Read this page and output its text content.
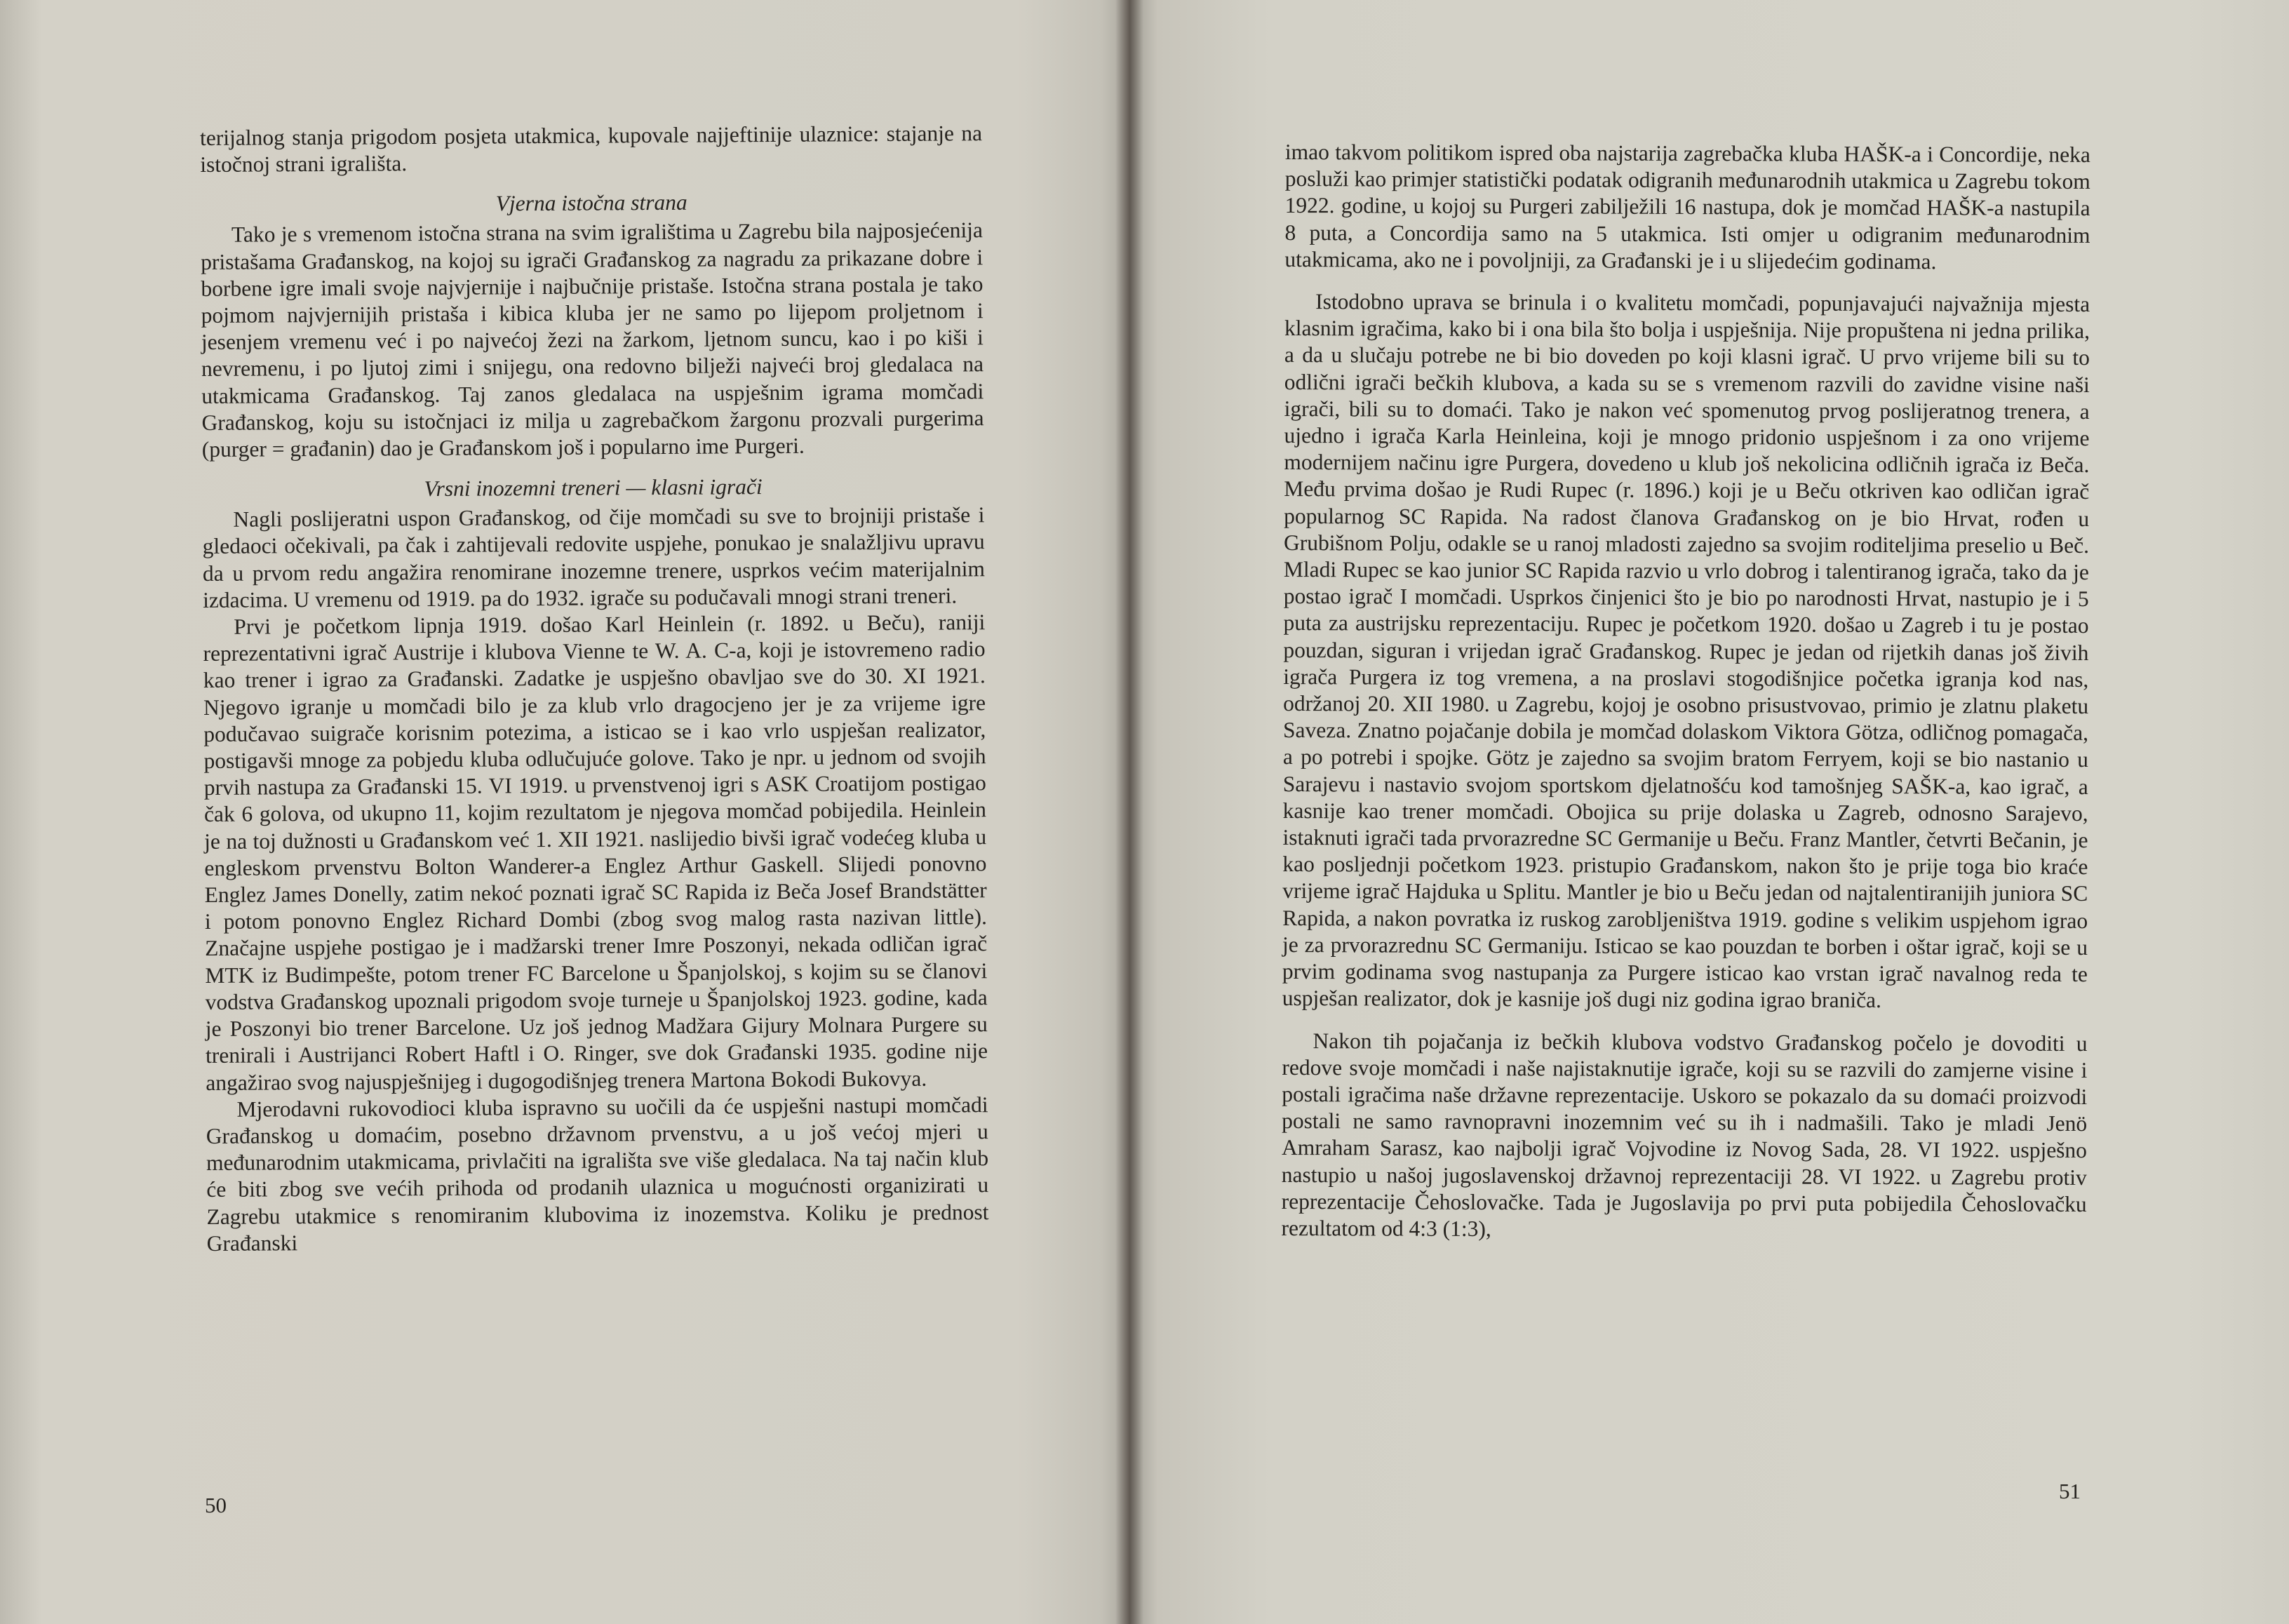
terijalnog stanja prigodom posjeta utakmica, kupovale najjeftinije ulaznice: stajanje na istočnoj strani igrališta.

Vjerna istočna strana

Tako je s vremenom istočna strana na svim igralištima u Zagrebu bila najposjećenija pristašama Građanskog, na kojoj su igrači Građanskog za nagradu za prikazane dobre i borbene igre imali svoje najvjernije i najbučnije pristaše. Istočna strana postala je tako pojmom najvjernijih pristaša i kibica kluba jer ne samo po lijepom proljetnom i jesenjem vremenu već i po najvećoj žezi na žarkom, ljetnom suncu, kao i po kiši i nevremenu, i po ljutoj zimi i snijegu, ona redovno bilježi najveći broj gledalaca na utakmicama Građanskog. Taj zanos gledalaca na uspješnim igrama momčadi Građanskog, koju su istočnjaci iz milja u zagrebačkom žargonu prozvali purgerima (purger = građanin) dao je Građanskom još i popularno ime Purgeri.

Vrsni inozemni treneri — klasni igrači

Nagli poslijeratni uspon Građanskog, od čije momčadi su sve to brojniji pristaše i gledaoci očekivali, pa čak i zahtijevali redovite uspjehe, ponukao je snalažljivu upravu da u prvom redu angažira renomirane inozemne trenere, usprkos većim materijalnim izdacima. U vremenu od 1919. pa do 1932. igrače su podučavali mnogi strani treneri.

Prvi je početkom lipnja 1919. došao Karl Heinlein (r. 1892. u Beču), raniji reprezentativni igrač Austrije i klubova Vienne te W. A. C-a, koji je istovremeno radio kao trener i igrao za Građanski. Zadatke je uspješno obavljao sve do 30. XI 1921. Njegovo igranje u momčadi bilo je za klub vrlo dragocjeno jer je za vrijeme igre podučavao suigrače korisnim potezima, a isticao se i kao vrlo uspješan realizator, postigavši mnoge za pobjedu kluba odlučujuće golove. Tako je npr. u jednom od svojih prvih nastupa za Građanski 15. VI 1919. u prvenstvenoj igri s ASK Croatijom postigao čak 6 golova, od ukupno 11, kojim rezultatom je njegova momčad pobijedila. Heinlein je na toj dužnosti u Građanskom već 1. XII 1921. naslijedio bivši igrač vodećeg kluba u engleskom prvenstvu Bolton Wanderer-a Englez Arthur Gaskell. Slijedi ponovno Englez James Donelly, zatim nekoć poznati igrač SC Rapida iz Beča Josef Brandstätter i potom ponovno Englez Richard Dombi (zbog svog malog rasta nazivan little). Značajne uspjehe postigao je i madžarski trener Imre Poszonyi, nekada odličan igrač MTK iz Budimpešte, potom trener FC Barcelone u Španjolskoj, s kojim su se članovi vodstva Građanskog upoznali prigodom svoje turneje u Španjolskoj 1923. godine, kada je Poszonyi bio trener Barcelone. Uz još jednog Madžara Gijury Molnara Purgere su trenirali i Austrijanci Robert Haftl i O. Ringer, sve dok Građanski 1935. godine nije angažirao svog najuspješnijeg i dugogodišnjeg trenera Martona Bokodi Bukovya.

Mjerodavni rukovodioci kluba ispravno su uočili da će uspješni nastupi momčadi Građanskog u domaćim, posebno državnom prvenstvu, a u još većoj mjeri u međunarodnim utakmicama, privlačiti na igrališta sve više gledalaca. Na taj način klub će biti zbog sve većih prihoda od prodanih ulaznica u mogućnosti organizirati u Zagrebu utakmice s renomiranim klubovima iz inozemstva. Koliku je prednost Građanski

50

imao takvom politikom ispred oba najstarija zagrebačka kluba HAŠK-a i Concordije, neka posluži kao primjer statistički podatak odigranih međunarodnih utakmica u Zagrebu tokom 1922. godine, u kojoj su Purgeri zabilježili 16 nastupa, dok je momčad HAŠK-a nastupila 8 puta, a Concordija samo na 5 utakmica. Isti omjer u odigranim međunarodnim utakmicama, ako ne i povoljniji, za Građanski je i u slijedećim godinama.

Istodobno uprava se brinula i o kvalitetu momčadi, popunjavajući najvažnija mjesta klasnim igračima, kako bi i ona bila što bolja i uspješnija. Nije propuštena ni jedna prilika, a da u slučaju potrebe ne bi bio doveden po koji klasni igrač. U prvo vrijeme bili su to odlični igrači bečkih klubova, a kada su se s vremenom razvili do zavidne visine naši igrači, bili su to domaći. Tako je nakon već spomenutog prvog poslijeratnog trenera, a ujedno i igrača Karla Heinleina, koji je mnogo pridonio uspješnom i za ono vrijeme modernijem načinu igre Purgera, dovedeno u klub još nekolicina odličnih igrača iz Beča. Među prvima došao je Rudi Rupec (r. 1896.) koji je u Beču otkriven kao odličan igrač popularnog SC Rapida. Na radost članova Građanskog on je bio Hrvat, rođen u Grubišnom Polju, odakle se u ranoj mladosti zajedno sa svojim roditeljima preselio u Beč. Mladi Rupec se kao junior SC Rapida razvio u vrlo dobrog i talentiranog igrača, tako da je postao igrač I momčadi. Usprkos činjenici što je bio po narodnosti Hrvat, nastupio je i 5 puta za austrijsku reprezentaciju. Rupec je početkom 1920. došao u Zagreb i tu je postao pouzdan, siguran i vrijedan igrač Građanskog. Rupec je jedan od rijetkih danas još živih igrača Purgera iz tog vremena, a na proslavi stogodišnjice početka igranja kod nas, održanoj 20. XII 1980. u Zagrebu, kojoj je osobno prisustvovao, primio je zlatnu plaketu Saveza. Znatno pojačanje dobila je momčad dolaskom Viktora Götza, odličnog pomagača, a po potrebi i spojke. Götz je zajedno sa svojim bratom Ferryem, koji se bio nastanio u Sarajevu i nastavio svojom sportskom djelatnošću kod tamošnjeg SAŠK-a, kao igrač, a kasnije kao trener momčadi. Obojica su prije dolaska u Zagreb, odnosno Sarajevo, istaknuti igrači tada prvorazredne SC Germanije u Beču. Franz Mantler, četvrti Bečanin, je kao posljednji početkom 1923. pristupio Građanskom, nakon što je prije toga bio kraće vrijeme igrač Hajduka u Splitu. Mantler je bio u Beču jedan od najtalentiranijih juniora SC Rapida, a nakon povratka iz ruskog zarobljeništva 1919. godine s velikim uspjehom igrao je za prvorazrednu SC Germaniju. Isticao se kao pouzdan te borben i oštar igrač, koji se u prvim godinama svog nastupanja za Purgere isticao kao vrstan igrač navalnog reda te uspješan realizator, dok je kasnije još dugi niz godina igrao braniča.

Nakon tih pojačanja iz bečkih klubova vodstvo Građanskog počelo je dovoditi u redove svoje momčadi i naše najistaknutije igrače, koji su se razvili do zamjerne visine i postali igračima naše državne reprezentacije. Uskoro se pokazalo da su domaći proizvodi postali ne samo ravnopravni inozemnim već su ih i nadmašili. Tako je mladi Jenö Amraham Sarasz, kao najbolji igrač Vojvodine iz Novog Sada, 28. VI 1922. uspješno nastupio u našoj jugoslavenskoj državnoj reprezentaciji 28. VI 1922. u Zagrebu protiv reprezentacije Čehoslovačke. Tada je Jugoslavija po prvi puta pobijedila Čehoslovačku rezultatom od 4:3 (1:3),

51
